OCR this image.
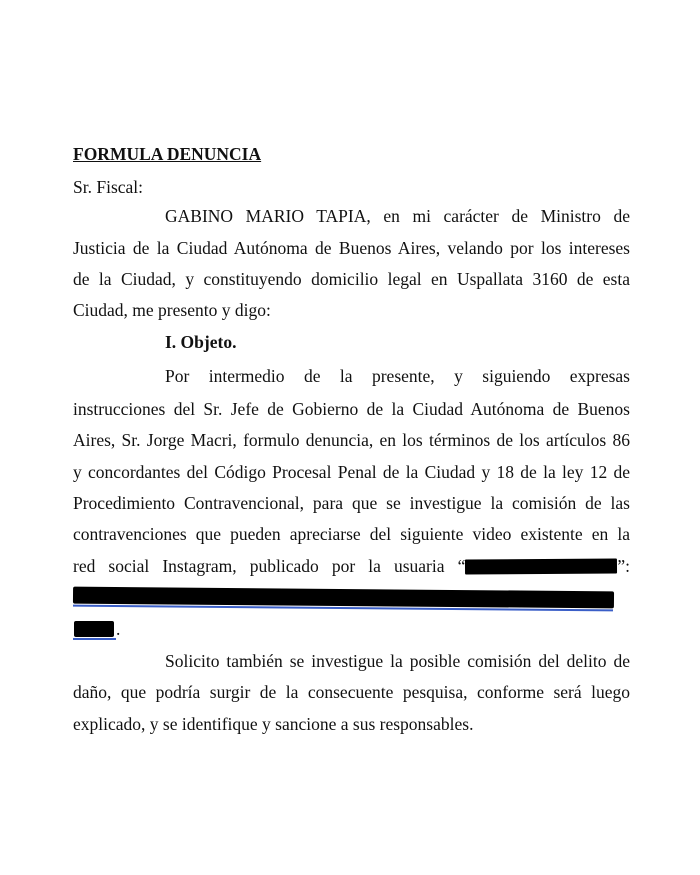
FORMULA DENUNCIA

Sr. Fiscal:

GABINO MARIO TAPIA, en mi carácter de Ministro de

Justicia de la Ciudad Autónoma de Buenos Aires, velando por los intereses

de la Ciudad, y constituyendo domicilio legal en Uspallata 3160 de esta

Ciudad, me presento y digo:

I. Objeto.

Por intermedio de la presente, y siguiendo expresas

instrucciones del Sr. Jefe de Gobierno de la Ciudad Autónoma de Buenos

Aires, Sr. Jorge Macri, formulo denuncia, en los términos de los artículos 86

y concordantes del Código Procesal Penal de la Ciudad y 18 de la ley 12 de

Procedimiento Contravencional, para que se investigue la comisión de las

contravenciones que pueden apreciarse del siguiente video existente en la

red social Instagram, publicado por la usuaria “	”:

.

Solicito también se investigue la posible comisión del delito de

daño, que podría surgir de la consecuente pesquisa, conforme será luego

explicado, y se identifique y sancione a sus responsables.
